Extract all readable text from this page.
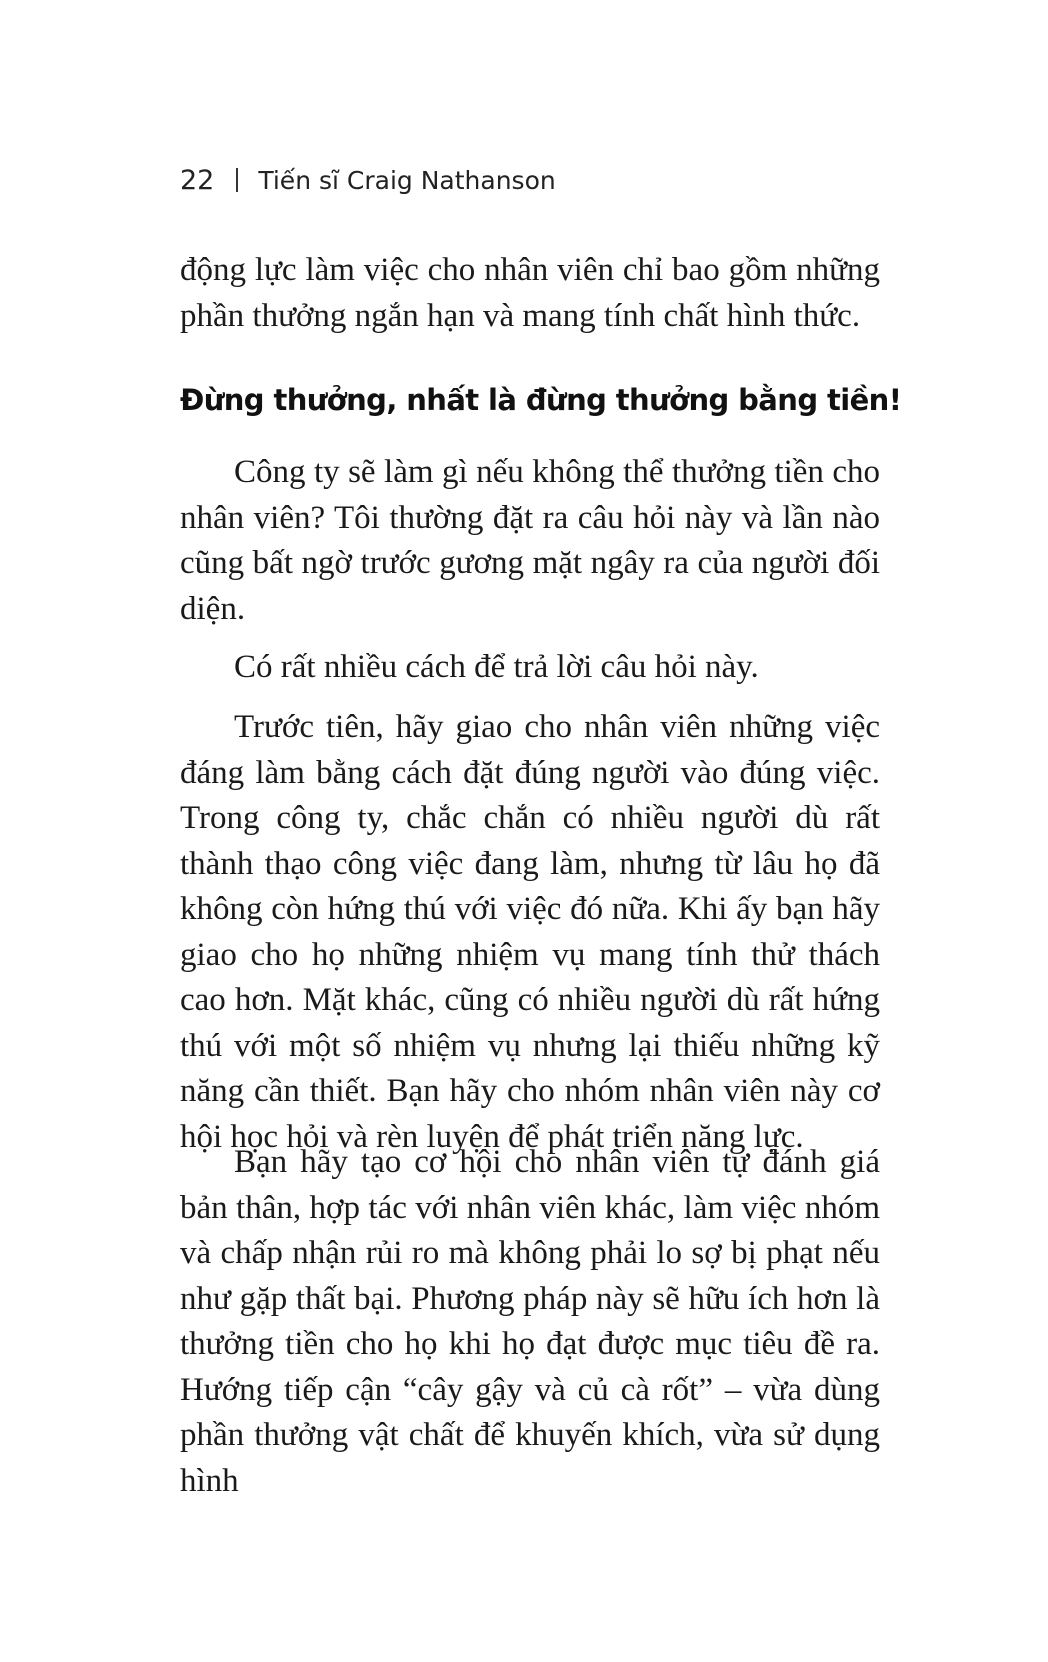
22 Tiến sĩ Craig Nathanson

động lực làm việc cho nhân viên chỉ bao gồm những phần thưởng ngắn hạn và mang tính chất hình thức.

Đừng thưởng, nhất là đừng thưởng bằng tiền!

Công ty sẽ làm gì nếu không thể thưởng tiền cho nhân viên? Tôi thường đặt ra câu hỏi này và lần nào cũng bất ngờ trước gương mặt ngây ra của người đối diện.

Có rất nhiều cách để trả lời câu hỏi này.

Trước tiên, hãy giao cho nhân viên những việc đáng làm bằng cách đặt đúng người vào đúng việc. Trong công ty, chắc chắn có nhiều người dù rất thành thạo công việc đang làm, nhưng từ lâu họ đã không còn hứng thú với việc đó nữa. Khi ấy bạn hãy giao cho họ những nhiệm vụ mang tính thử thách cao hơn. Mặt khác, cũng có nhiều người dù rất hứng thú với một số nhiệm vụ nhưng lại thiếu những kỹ năng cần thiết. Bạn hãy cho nhóm nhân viên này cơ hội học hỏi và rèn luyện để phát triển năng lực.

Bạn hãy tạo cơ hội cho nhân viên tự đánh giá bản thân, hợp tác với nhân viên khác, làm việc nhóm và chấp nhận rủi ro mà không phải lo sợ bị phạt nếu như gặp thất bại. Phương pháp này sẽ hữu ích hơn là thưởng tiền cho họ khi họ đạt được mục tiêu đề ra. Hướng tiếp cận “cây gậy và củ cà rốt” – vừa dùng phần thưởng vật chất để khuyến khích, vừa sử dụng hình
